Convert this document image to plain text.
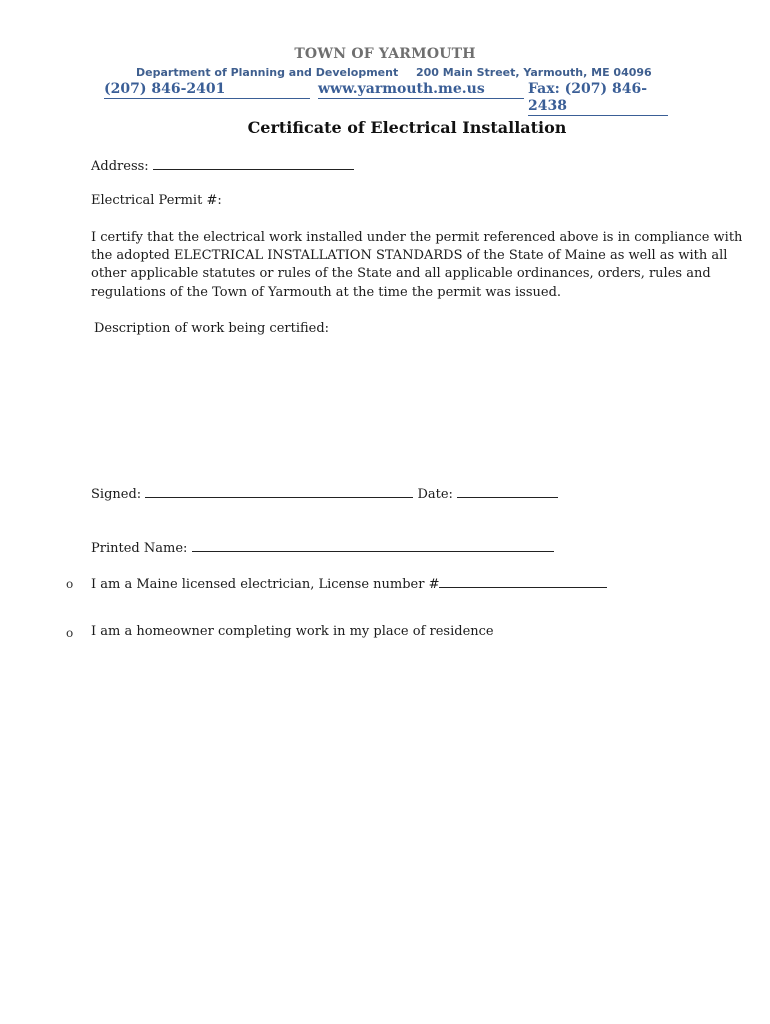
TOWN OF YARMOUTH
Department of Planning and Development 200 Main Street, Yarmouth, ME 04096
(207) 846-2401	www.yarmouth.me.us	Fax: (207) 846-2438
Certificate of Electrical Installation
Address:
Electrical Permit #:
I certify that the electrical work installed under the permit referenced above is in compliance with
the adopted ELECTRICAL INSTALLATION STANDARDS of the State of Maine as well as with all
other applicable statutes or rules of the State and all applicable ordinances, orders, rules and
regulations of the Town of Yarmouth at the time the permit was issued.
Description of work being certified:
Signed:	Date:
Printed Name:
o I am a Maine licensed electrician, License number #
o I am a homeowner completing work in my place of residence
